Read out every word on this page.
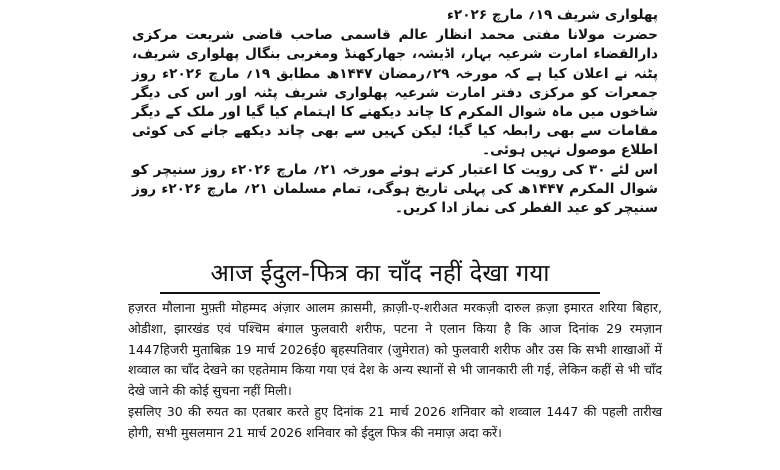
پھلواری شریف ۱۹؍ مارچ ۲۰۲۶ء

حضرت مولانا مفتی محمد انظار عالم قاسمی صاحب قاضی شریعت مرکزی دارالقضاء امارت شرعیہ بہار، اڈیشہ، جھارکھنڈ ومغربی بنگال پھلواری شریف، پٹنہ نے اعلان کیا ہے کہ مورخہ ۲۹؍رمضان ۱۴۴۷ھ مطابق ۱۹؍ مارچ ۲۰۲۶ء روز جمعرات کو مرکزی دفتر امارت شرعیہ پھلواری شریف پٹنہ اور اس کی دیگر شاخوں میں ماہ شوال المکرم کا چاند دیکھنے کا اہتمام کیا گیا اور ملک کے دیگر مقامات سے بھی رابطہ کیا گیا؛ لیکن کہیں سے بھی چاند دیکھے جانے کی کوئی اطلاع موصول نہیں ہوئی۔

اس لئے ۳۰ کی رویت کا اعتبار کرتے ہوئے مورخہ ۲۱؍ مارچ ۲۰۲۶ء روز سنیچر کو شوال المکرم ۱۴۴۷ھ کی پہلی تاریخ ہوگی، تمام مسلمان ۲۱؍ مارچ ۲۰۲۶ء روز سنیچر کو عید الفطر کی نماز ادا کریں۔

आज ईदुल-फित्र का चाँद नहीं देखा गया

हज़रत मौलाना मुफ़्ती मोहम्मद अंज़ार आलम क़ासमी, क़ाज़ी-ए-शरीअत मरकज़ी दारुल क़ज़ा इमारत शरिया बिहार, ओडीशा, झारखंड एवं पश्चिम बंगाल फुलवारी शरीफ, पटना ने एलान किया है कि आज दिनांक 29 रमज़ान 1447हिजरी मुताबिक़ 19 मार्च 2026ई0 बृहस्पतिवार (जुमेरात) को फुलवारी शरीफ और उस कि सभी शाखाओं में शव्वाल का चाँद देखने का एहतेमाम किया गया एवं देश के अन्य स्थानों से भी जानकारी ली गई, लेकिन कहीं से भी चाँद देखे जाने की कोई सुचना नहीं मिली।

इसलिए 30 की रुयत का एतबार करते हुए दिनांक 21 मार्च 2026 शनिवार को शव्वाल 1447 की पहली तारीख होगी, सभी मुसलमान 21 मार्च 2026 शनिवार को ईदुल फित्र की नमाज़ अदा करें।
